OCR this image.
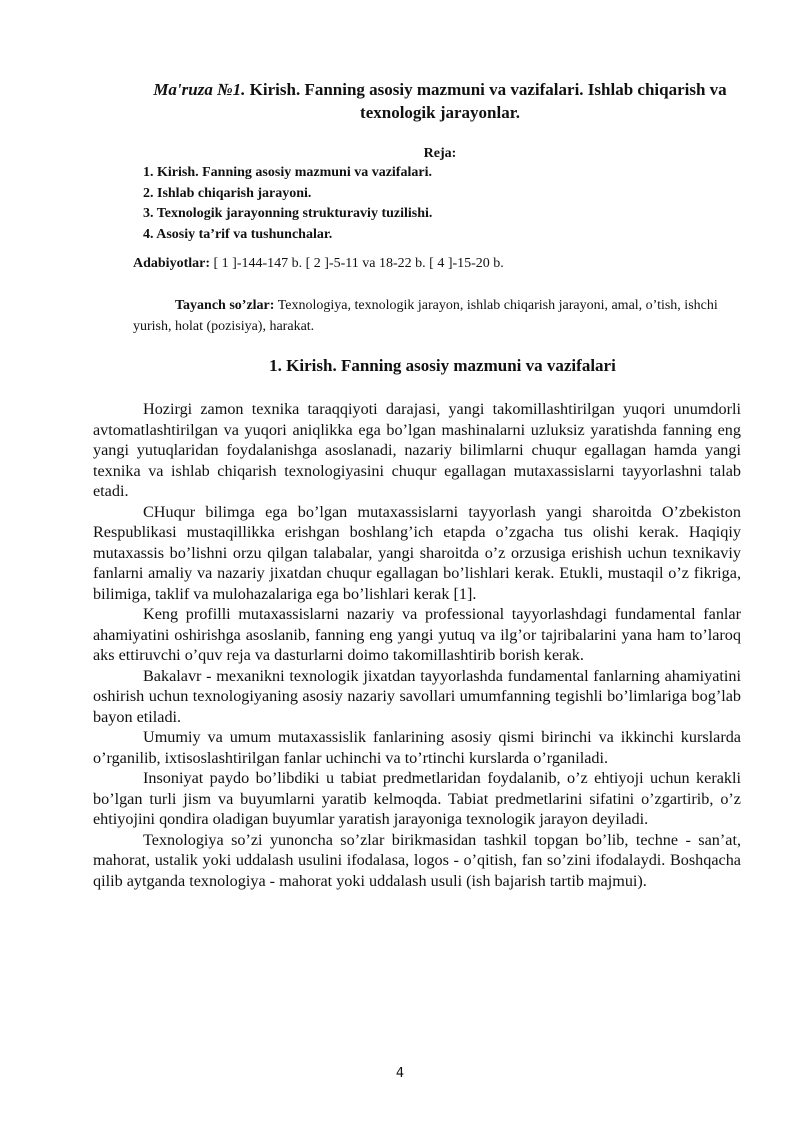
Ma'ruza №1. Kirish. Fanning asosiy mazmuni va vazifalari. Ishlab chiqarish va texnologik jarayonlar.
Reja:
1. Kirish. Fanning asosiy mazmuni va vazifalari.
2. Ishlab chiqarish jarayoni.
3. Texnologik jarayonning strukturaviy tuzilishi.
4. Asosiy ta’rif va tushunchalar.
Adabiyotlar: [ 1 ]-144-147 b. [ 2 ]-5-11 va 18-22 b. [ 4 ]-15-20 b.
Tayanch so’zlar: Texnologiya, texnologik jarayon, ishlab chiqarish jarayoni, amal, o’tish, ishchi yurish, holat (pozisiya), harakat.
1. Kirish. Fanning asosiy mazmuni va vazifalari

Hozirgi zamon texnika taraqqiyoti darajasi, yangi takomillashtirilgan yuqori unumdorli avtomatlashtirilgan va yuqori aniqlikka ega bo’lgan mashinalarni uzluksiz yaratishda fanning eng yangi yutuqlaridan foydalanishga asoslanadi, nazariy bilimlarni chuqur egallagan hamda yangi texnika va ishlab chiqarish texnologiyasini chuqur egallagan mutaxassislarni tayyorlashni talab etadi.

CHuqur bilimga ega bo’lgan mutaxassislarni tayyorlash yangi sharoitda O’zbekiston Respublikasi mustaqillikka erishgan boshlang’ich etapda o’zgacha tus olishi kerak. Haqiqiy mutaxassis bo’lishni orzu qilgan talabalar, yangi sharoitda o’z orzusiga erishish uchun texnikaviy fanlarni amaliy va nazariy jixatdan chuqur egallagan bo’lishlari kerak. Etukli, mustaqil o’z fikriga, bilimiga, taklif va mulohazalariga ega bo’lishlari kerak [1].

Keng profilli mutaxassislarni nazariy va professional tayyorlashdagi fundamental fanlar ahamiyatini oshirishga asoslanib, fanning eng yangi yutuq va ilg’or tajribalarini yana ham to’laroq aks ettiruvchi o’quv reja va dasturlarni doimo takomillashtirib borish kerak.

Bakalavr - mexanikni texnologik jixatdan tayyorlashda fundamental fanlarning ahamiyatini oshirish uchun texnologiyaning asosiy nazariy savollari umumfanning tegishli bo’limlariga bog’lab bayon etiladi.

Umumiy va umum mutaxassislik fanlarining asosiy qismi birinchi va ikkinchi kurslarda o’rganilib, ixtisoslashtirilgan fanlar uchinchi va to’rtinchi kurslarda o’rganiladi.

Insoniyat paydo bo’libdiki u tabiat predmetlaridan foydalanib, o’z ehtiyoji uchun kerakli bo’lgan turli jism va buyumlarni yaratib kelmoqda. Tabiat predmetlarini sifatini o’zgartirib, o’z ehtiyojini qondira oladigan buyumlar yaratish jarayoniga texnologik jarayon deyiladi.

Texnologiya so’zi yunoncha so’zlar birikmasidan tashkil topgan bo’lib, techne - san’at, mahorat, ustalik yoki uddalash usulini ifodalasa, logos - o’qitish, fan so’zini ifodalaydi. Boshqacha qilib aytganda texnologiya - mahorat yoki uddalash usuli (ish bajarish tartib majmui).

4
